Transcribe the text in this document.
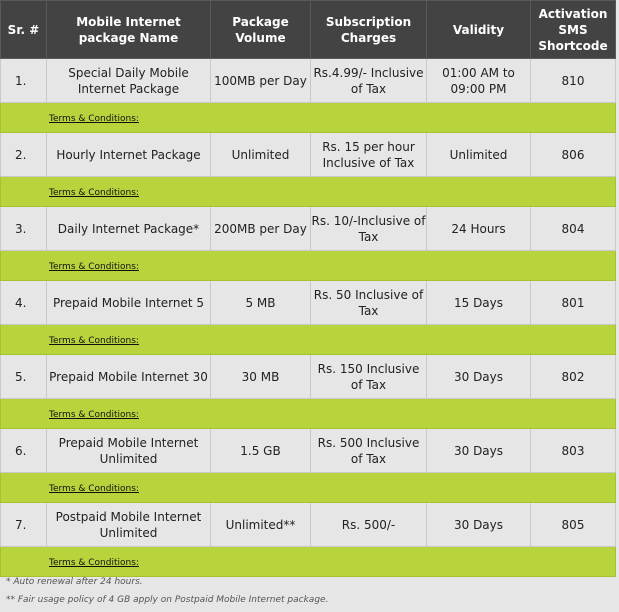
Sr. #	Mobile Internet package Name	Package Volume	Subscription Charges	Validity	Activation SMS Shortcode
1.	Special Daily Mobile Internet Package	100MB per Day	Rs.4.99/- Inclusive of Tax	01:00 AM to 09:00 PM	810
Terms & Conditions:					
2.	Hourly Internet Package	Unlimited	Rs. 15 per hour Inclusive of Tax	Unlimited	806
Terms & Conditions:					
3.	Daily Internet Package*	200MB per Day	Rs. 10/-Inclusive of Tax	24 Hours	804
Terms & Conditions:					
4.	Prepaid Mobile Internet 5	5 MB	Rs. 50 Inclusive of Tax	15 Days	801
Terms & Conditions:					
5.	Prepaid Mobile Internet 30	30 MB	Rs. 150 Inclusive of Tax	30 Days	802
Terms & Conditions:					
6.	Prepaid Mobile Internet Unlimited	1.5 GB	Rs. 500 Inclusive of Tax	30 Days	803
Terms & Conditions:					
7.	Postpaid Mobile Internet Unlimited	Unlimited**	Rs. 500/-	30 Days	805
Terms & Conditions:					
* Auto renewal after 24 hours.
** Fair usage policy of 4 GB apply on Postpaid Mobile Internet package.
